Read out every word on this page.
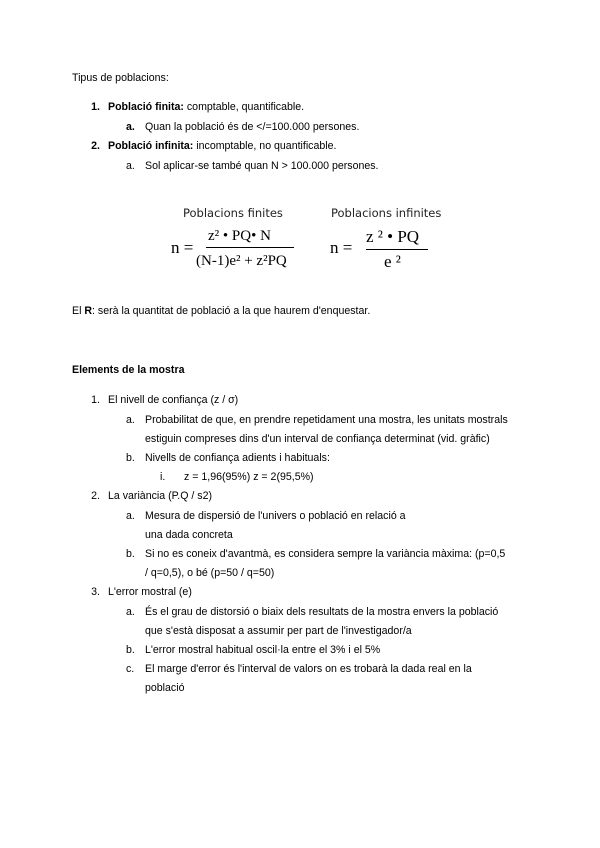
Tipus de poblacions:
1. Població finita: comptable, quantificable.
a. Quan la població és de </=100.000 persones.
2. Població infinita: incomptable, no quantificable.
a. Sol aplicar-se també quan N > 100.000 persones.
Poblacions finites	Poblacions infinites
n =
z² • PQ• N
(N-1)e² + z²PQ
n =
z ² • PQ
e ²
El R: serà la quantitat de població a la que haurem d'enquestar.
Elements de la mostra
1. El nivell de confiança (z / σ)
a. Probabilitat de que, en prendre repetidament una mostra, les unitats mostrals
estiguin compreses dins d'un interval de confiança determinat (vid. gràfic)
b. Nivells de confiança adients i habituals:
i. z = 1,96(95%) z = 2(95,5%)
2. La variància (P.Q / s2)
a. Mesura de dispersió de l'univers o població en relació a
una dada concreta
b. Si no es coneix d'avantmà, es considera sempre la variància màxima: (p=0,5
/ q=0,5), o bé (p=50 / q=50)
3. L'error mostral (e)
a. És el grau de distorsió o biaix dels resultats de la mostra envers la població
que s'està disposat a assumir per part de l'investigador/a
b. L'error mostral habitual oscil·la entre el 3% i el 5%
c. El marge d'error és l'interval de valors on es trobarà la dada real en la
població
